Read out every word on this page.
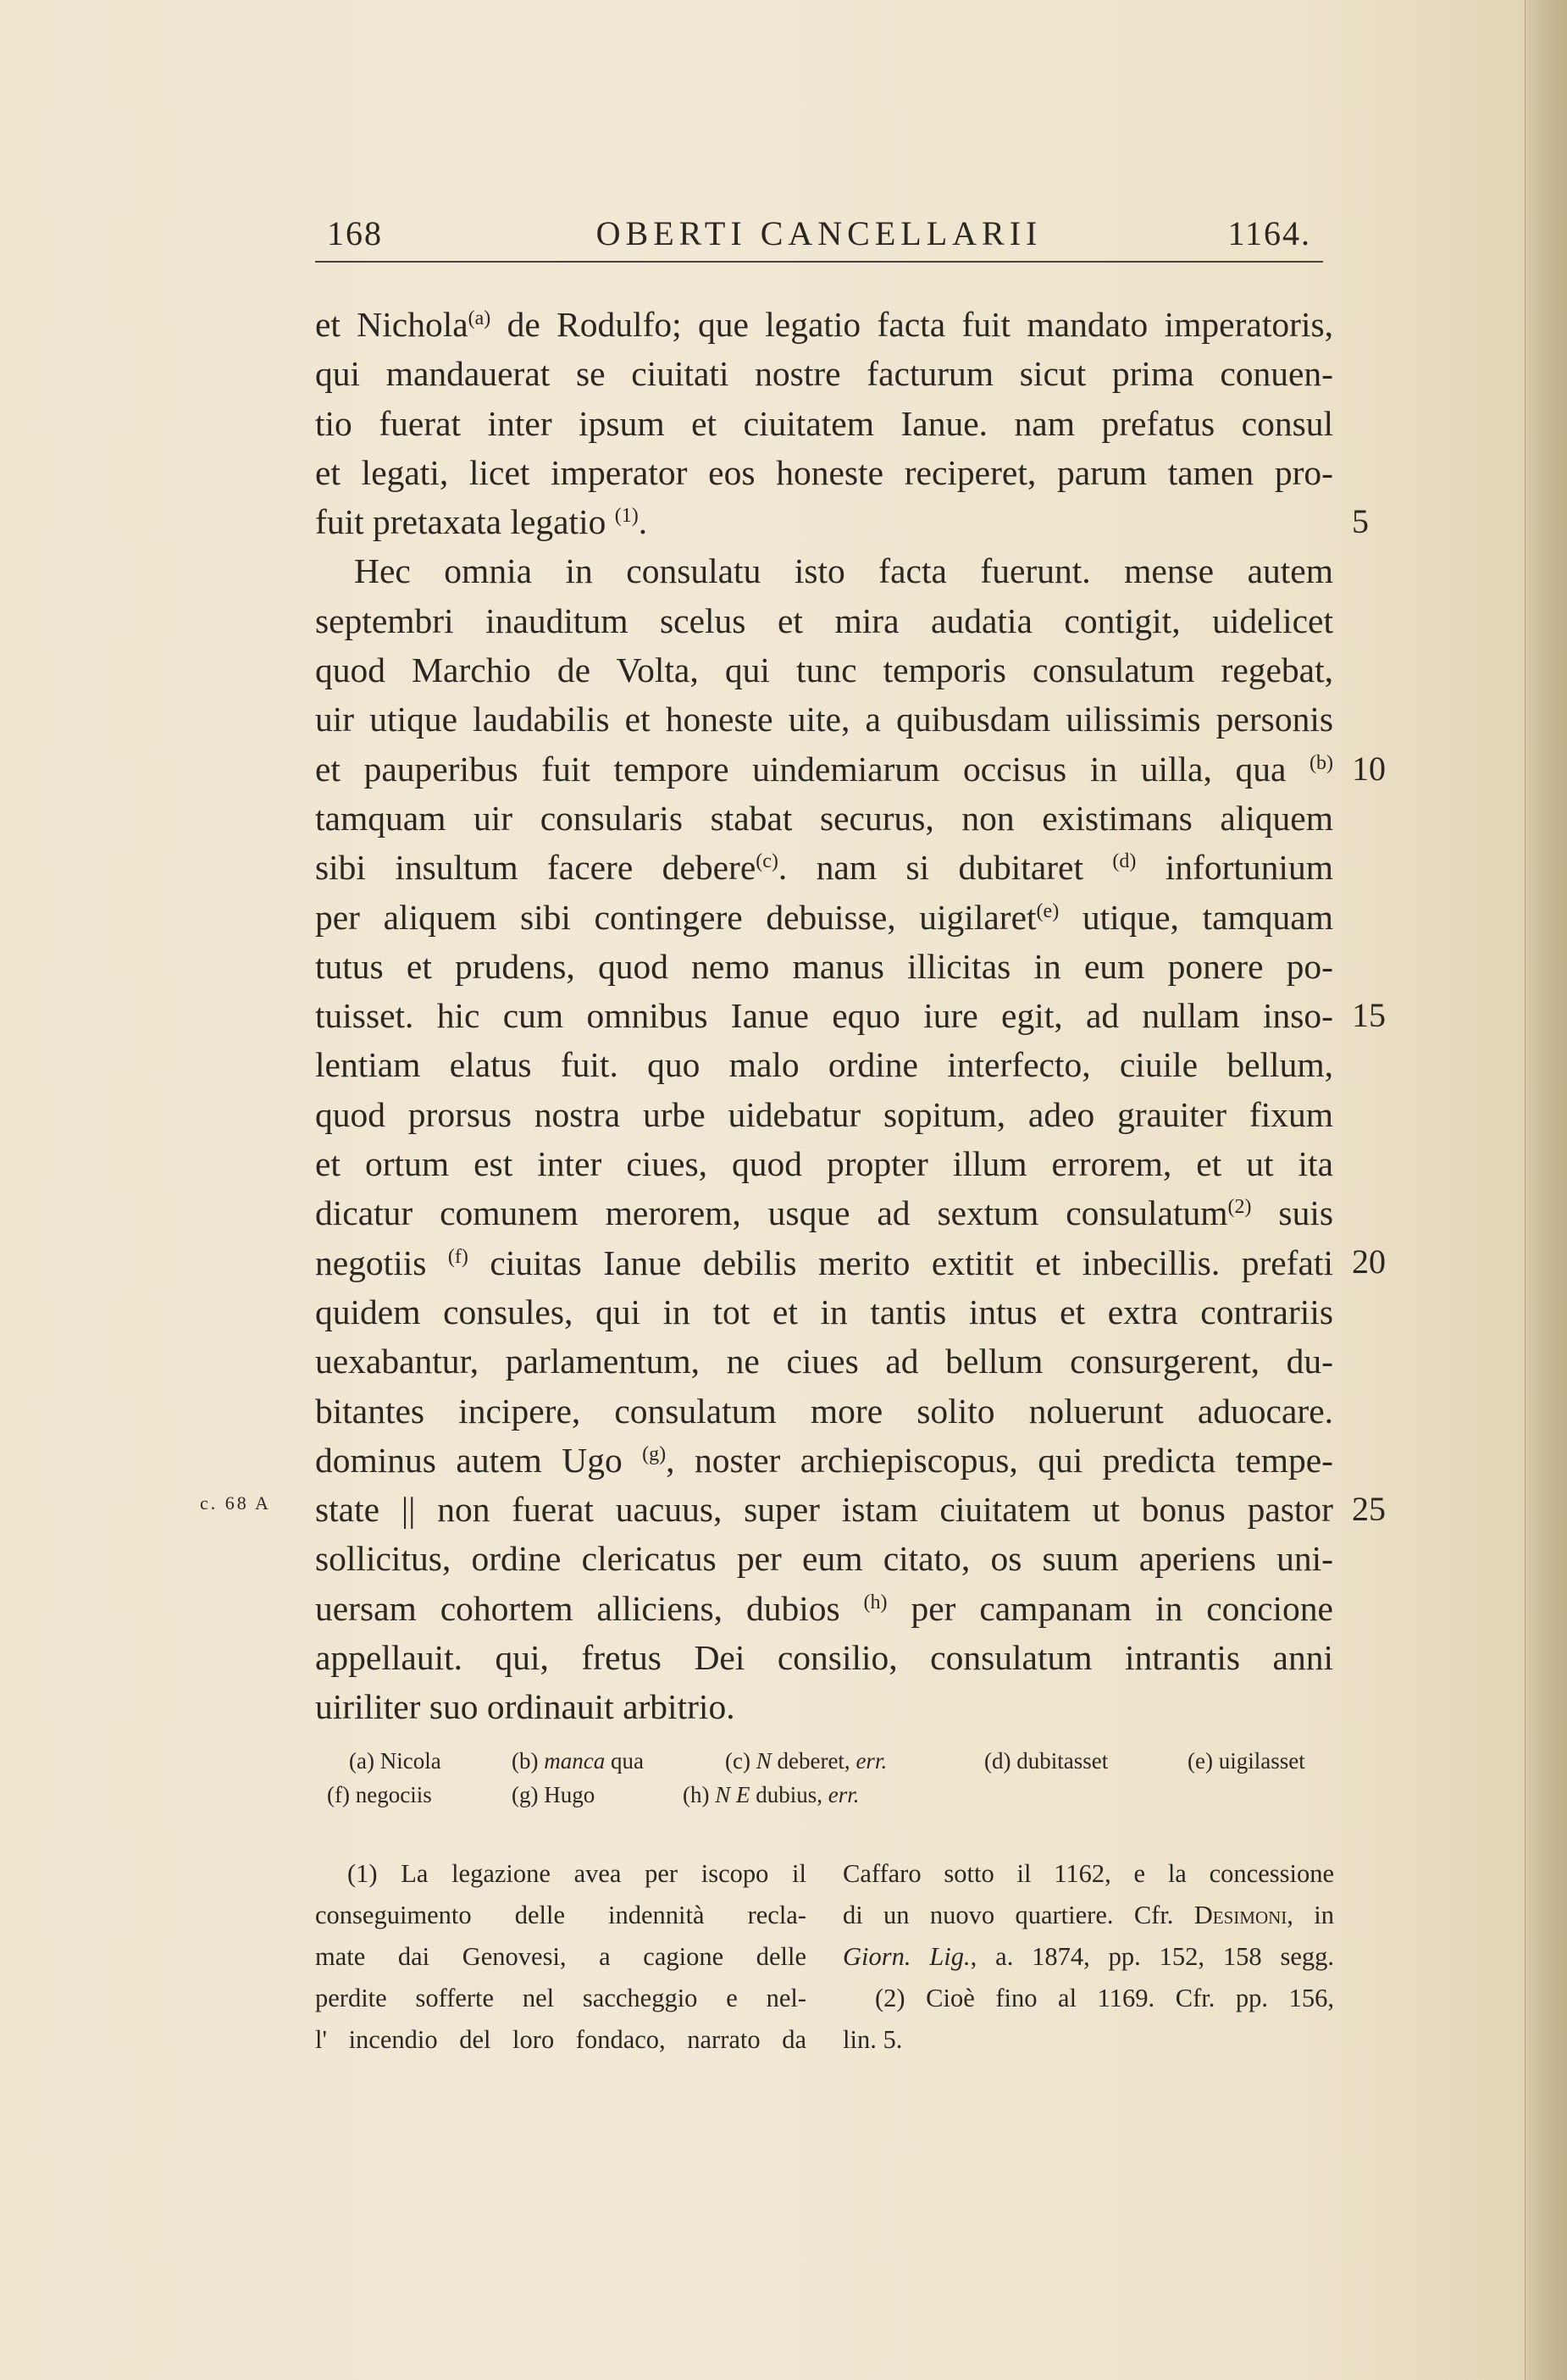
168	OBERTI CANCELLARII	1164.
et Nichola$^{(a)}$ de Rodulfo; que legatio facta fuit mandato imperatoris,
qui mandauerat se ciuitati nostre facturum sicut prima conuen-
tio fuerat inter ipsum et ciuitatem Ianue. nam prefatus consul
et legati, licet imperator eos honeste reciperet, parum tamen pro-
fuit pretaxata legatio $^{(1)}$.
Hec omnia in consulatu isto facta fuerunt. mense autem
septembri inauditum scelus et mira audatia contigit, uidelicet
quod Marchio de Volta, qui tunc temporis consulatum regebat,
uir utique laudabilis et honeste uite, a quibusdam uilissimis personis
et pauperibus fuit tempore uindemiarum occisus in uilla, qua $^{(b)}$
tamquam uir consularis stabat securus, non existimans aliquem
sibi insultum facere debere$^{(c)}$. nam si dubitaret $^{(d)}$ infortunium
per aliquem sibi contingere debuisse, uigilaret$^{(e)}$ utique, tamquam
tutus et prudens, quod nemo manus illicitas in eum ponere po-
tuisset. hic cum omnibus Ianue equo iure egit, ad nullam inso-
lentiam elatus fuit. quo malo ordine interfecto, ciuile bellum,
quod prorsus nostra urbe uidebatur sopitum, adeo grauiter fixum
et ortum est inter ciues, quod propter illum errorem, et ut ita
dicatur comunem merorem, usque ad sextum consulatum$^{(2)}$ suis
negotiis $^{(f)}$ ciuitas Ianue debilis merito extitit et inbecillis. prefati
quidem consules, qui in tot et in tantis intus et extra contrariis
uexabantur, parlamentum, ne ciues ad bellum consurgerent, du-
bitantes incipere, consulatum more solito noluerunt aduocare.
dominus autem Ugo $^{(g)}$, noster archiepiscopus, qui predicta tempe-
state || non fuerat uacuus, super istam ciuitatem ut bonus pastor
sollicitus, ordine clericatus per eum citato, os suum aperiens uni-
uersam cohortem alliciens, dubios $^{(h)}$ per campanam in concione
appellauit. qui, fretus Dei consilio, consulatum intrantis anni
uiriliter suo ordinauit arbitrio.
5
10
15
20
25
c. 68 A
(a) Nicola	(b) manca qua	(c) N deberet, err.	(d) dubitasset	(e) uigilasset
(f) negociis	(g) Hugo	(h) N E dubius, err.
(1) La legazione avea per iscopo il
conseguimento delle indennità recla-
mate dai Genovesi, a cagione delle
perdite sofferte nel saccheggio e nel-
l' incendio del loro fondaco, narrato da
Caffaro sotto il 1162, e la concessione
di un nuovo quartiere. Cfr. Desimoni, in
Giorn. Lig., a. 1874, pp. 152, 158 segg.
(2) Cioè fino al 1169. Cfr. pp. 156,
lin. 5.
